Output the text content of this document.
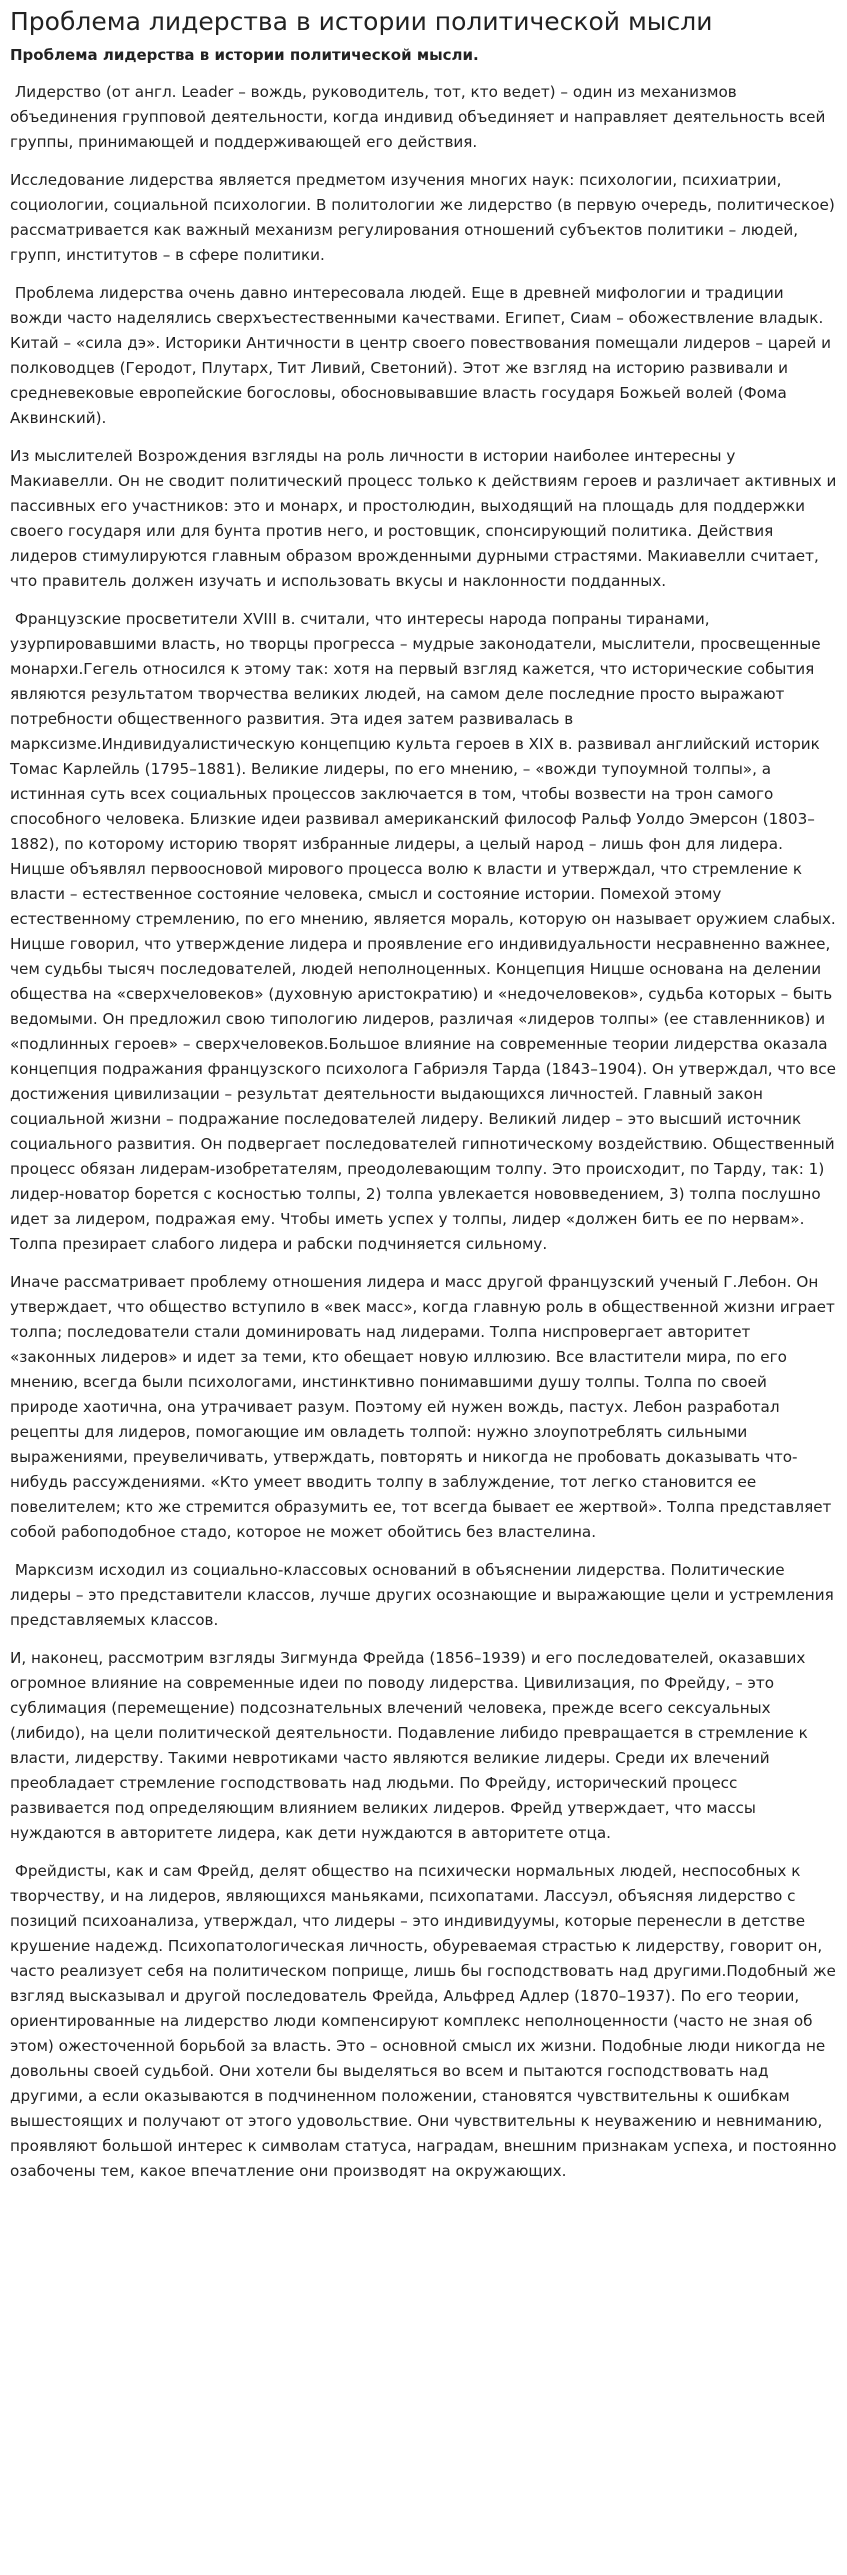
Проблема лидерства в истории политической мысли
Проблема лидерства в истории политической мысли.

Лидерство (от англ. Leader – вождь, руководитель, тот, кто ведет) – один из механизмов объединения групповой деятельности, когда индивид объединяет и направляет деятельность всей группы, принимающей и поддерживающей его действия.

Исследование лидерства является предметом изучения многих наук: психологии, психиатрии, социологии, социальной психологии. В политологии же лидерство (в первую очередь, политическое) рассматривается как важный механизм регулирования отношений субъектов политики – людей, групп, институтов – в сфере политики.

Проблема лидерства очень давно интересовала людей. Еще в древней мифологии и традиции вожди часто наделялись сверхъестественными качествами. Египет, Сиам – обожествление владык. Китай – «сила дэ». Историки Античности в центр своего повествования помещали лидеров – царей и полководцев (Геродот, Плутарх, Тит Ливий, Светоний). Этот же взгляд на историю развивали и средневековые европейские богословы, обосновывавшие власть государя Божьей волей (Фома Аквинский).

Из мыслителей Возрождения взгляды на роль личности в истории наиболее интересны у Макиавелли. Он не сводит политический процесс только к действиям героев и различает активных и пассивных его участников: это и монарх, и простолюдин, выходящий на площадь для поддержки своего государя или для бунта против него, и ростовщик, спонсирующий политика. Действия лидеров стимулируются главным образом врожденными дурными страстями. Макиавелли считает, что правитель должен изучать и использовать вкусы и наклонности подданных.

Французские просветители XVIII в. считали, что интересы народа попраны тиранами, узурпировавшими власть, но творцы прогресса – мудрые законодатели, мыслители, просвещенные монархи.Гегель относился к этому так: хотя на первый взгляд кажется, что исторические события являются результатом творчества великих людей, на самом деле последние просто выражают потребности общественного развития. Эта идея затем развивалась в марксизме.Индивидуалистическую концепцию культа героев в XIX в. развивал английский историк Томас Карлейль (1795–1881). Великие лидеры, по его мнению, – «вожди тупоумной толпы», а истинная суть всех социальных процессов заключается в том, чтобы возвести на трон самого способного человека. Близкие идеи развивал американский философ Ральф Уолдо Эмерсон (1803–1882), по которому историю творят избранные лидеры, а целый народ – лишь фон для лидера. Ницше объявлял первоосновой мирового процесса волю к власти и утверждал, что стремление к власти – естественное состояние человека, смысл и состояние истории. Помехой этому естественному стремлению, по его мнению, является мораль, которую он называет оружием слабых. Ницше говорил, что утверждение лидера и проявление его индивидуальности несравненно важнее, чем судьбы тысяч последователей, людей неполноценных. Концепция Ницше основана на делении общества на «сверхчеловеков» (духовную аристократию) и «недочеловеков», судьба которых – быть ведомыми. Он предложил свою типологию лидеров, различая «лидеров толпы» (ее ставленников) и «подлинных героев» – сверхчеловеков.Большое влияние на современные теории лидерства оказала концепция подражания французского психолога Габриэля Тарда (1843–1904). Он утверждал, что все достижения цивилизации – результат деятельности выдающихся личностей. Главный закон социальной жизни – подражание последователей лидеру. Великий лидер – это высший источник социального развития. Он подвергает последователей гипнотическому воздействию. Общественный процесс обязан лидерам-изобретателям, преодолевающим толпу. Это происходит, по Тарду, так: 1) лидер-новатор борется с косностью толпы, 2) толпа увлекается нововведением, 3) толпа послушно идет за лидером, подражая ему. Чтобы иметь успех у толпы, лидер «должен бить ее по нервам». Толпа презирает слабого лидера и рабски подчиняется сильному.

Иначе рассматривает проблему отношения лидера и масс другой французский ученый Г.Лебон. Он утверждает, что общество вступило в «век масс», когда главную роль в общественной жизни играет толпа; последователи стали доминировать над лидерами. Толпа ниспровергает авторитет «законных лидеров» и идет за теми, кто обещает новую иллюзию. Все властители мира, по его мнению, всегда были психологами, инстинктивно понимавшими душу толпы. Толпа по своей природе хаотична, она утрачивает разум. Поэтому ей нужен вождь, пастух. Лебон разработал рецепты для лидеров, помогающие им овладеть толпой: нужно злоупотреблять сильными выражениями, преувеличивать, утверждать, повторять и никогда не пробовать доказывать что-нибудь рассуждениями. «Кто умеет вводить толпу в заблуждение, тот легко становится ее повелителем; кто же стремится образумить ее, тот всегда бывает ее жертвой». Толпа представляет собой рабоподобное стадо, которое не может обойтись без властелина.

Марксизм исходил из социально-классовых оснований в объяснении лидерства. Политические лидеры – это представители классов, лучше других осознающие и выражающие цели и устремления представляемых классов.

И, наконец, рассмотрим взгляды Зигмунда Фрейда (1856–1939) и его последователей, оказавших огромное влияние на современные идеи по поводу лидерства. Цивилизация, по Фрейду, – это сублимация (перемещение) подсознательных влечений человека, прежде всего сексуальных (либидо), на цели политической деятельности. Подавление либидо превращается в стремление к власти, лидерству. Такими невротиками часто являются великие лидеры. Среди их влечений преобладает стремление господствовать над людьми. По Фрейду, исторический процесс развивается под определяющим влиянием великих лидеров. Фрейд утверждает, что массы нуждаются в авторитете лидера, как дети нуждаются в авторитете отца.

Фрейдисты, как и сам Фрейд, делят общество на психически нормальных людей, неспособных к творчеству, и на лидеров, являющихся маньяками, психопатами. Лассуэл, объясняя лидерство с позиций психоанализа, утверждал, что лидеры – это индивидуумы, которые перенесли в детстве крушение надежд. Психопатологическая личность, обуреваемая страстью к лидерству, говорит он, часто реализует себя на политическом поприще, лишь бы господствовать над другими.Подобный же взгляд высказывал и другой последователь Фрейда, Альфред Адлер (1870–1937). По его теории, ориентированные на лидерство люди компенсируют комплекс неполноценности (часто не зная об этом) ожесточенной борьбой за власть. Это – основной смысл их жизни. Подобные люди никогда не довольны своей судьбой. Они хотели бы выделяться во всем и пытаются господствовать над другими, а если оказываются в подчиненном положении, становятся чувствительны к ошибкам вышестоящих и получают от этого удовольствие. Они чувствительны к неуважению и невниманию, проявляют большой интерес к символам статуса, наградам, внешним признакам успеха, и постоянно озабочены тем, какое впечатление они производят на окружающих.
